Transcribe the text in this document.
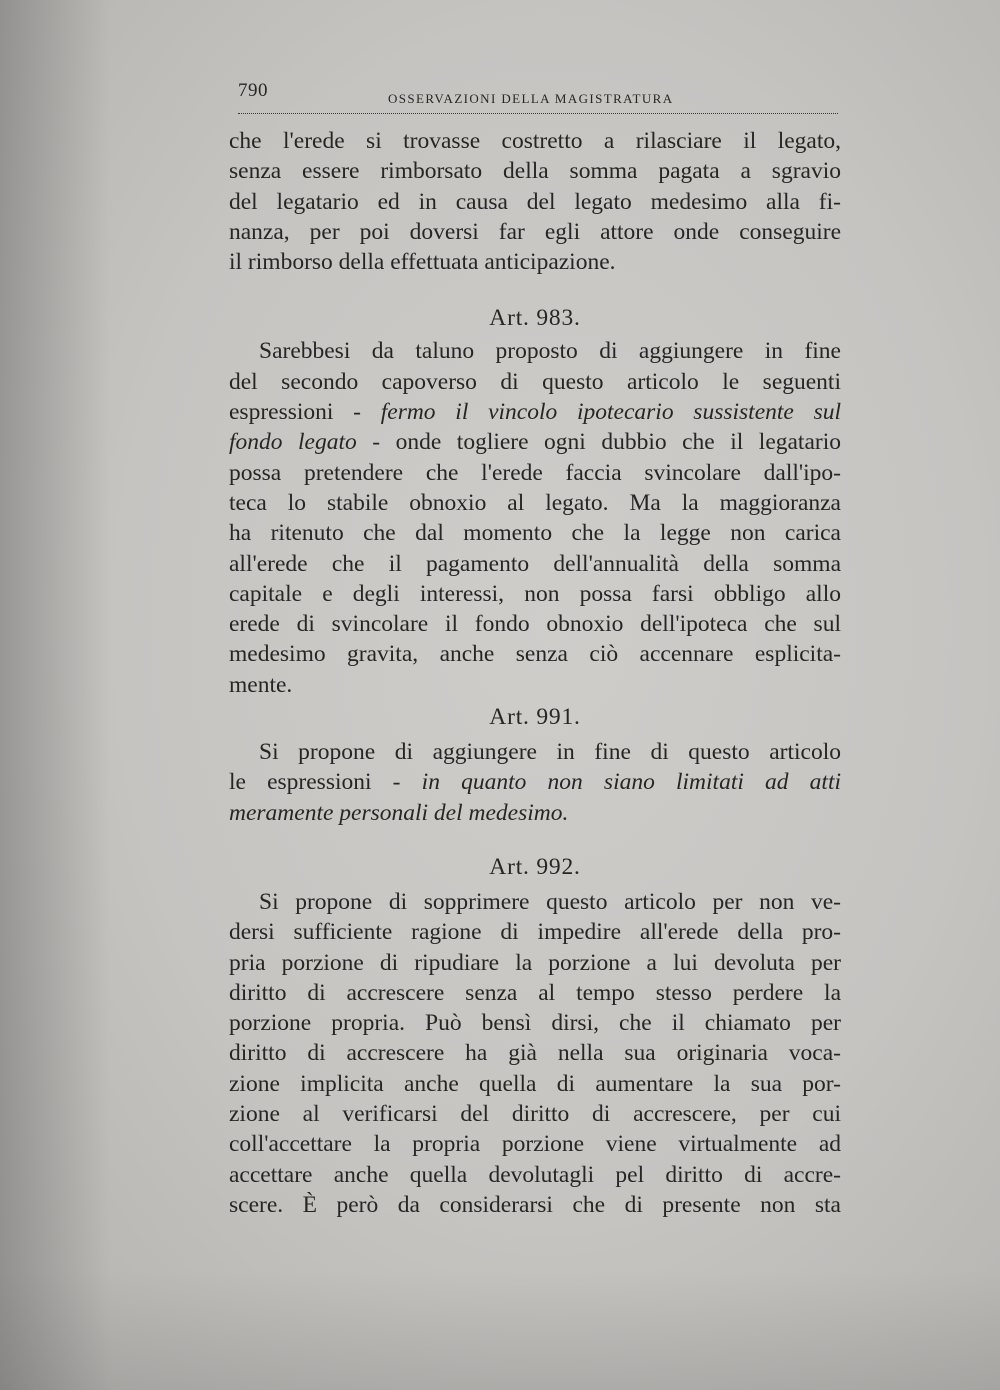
790	OSSERVAZIONI DELLA MAGISTRATURA

che l'erede si trovasse costretto a rilasciare il legato,
senza essere rimborsato della somma pagata a sgravio
del legatario ed in causa del legato medesimo alla fi-
nanza, per poi doversi far egli attore onde conseguire
il rimborso della effettuata anticipazione.

Art. 983.

Sarebbesi da taluno proposto di aggiungere in fine
del secondo capoverso di questo articolo le seguenti
espressioni - fermo il vincolo ipotecario sussistente sul
fondo legato - onde togliere ogni dubbio che il legatario
possa pretendere che l'erede faccia svincolare dall'ipo-
teca lo stabile obnoxio al legato. Ma la maggioranza
ha ritenuto che dal momento che la legge non carica
all'erede che il pagamento dell'annualità della somma
capitale e degli interessi, non possa farsi obbligo allo
erede di svincolare il fondo obnoxio dell'ipoteca che sul
medesimo gravita, anche senza ciò accennare esplicita-
mente.

Art. 991.

Si propone di aggiungere in fine di questo articolo
le espressioni - in quanto non siano limitati ad atti
meramente personali del medesimo.

Art. 992.

Si propone di sopprimere questo articolo per non ve-
dersi sufficiente ragione di impedire all'erede della pro-
pria porzione di ripudiare la porzione a lui devoluta per
diritto di accrescere senza al tempo stesso perdere la
porzione propria. Può bensì dirsi, che il chiamato per
diritto di accrescere ha già nella sua originaria voca-
zione implicita anche quella di aumentare la sua por-
zione al verificarsi del diritto di accrescere, per cui
coll'accettare la propria porzione viene virtualmente ad
accettare anche quella devolutagli pel diritto di accre-
scere. È però da considerarsi che di presente non sta
